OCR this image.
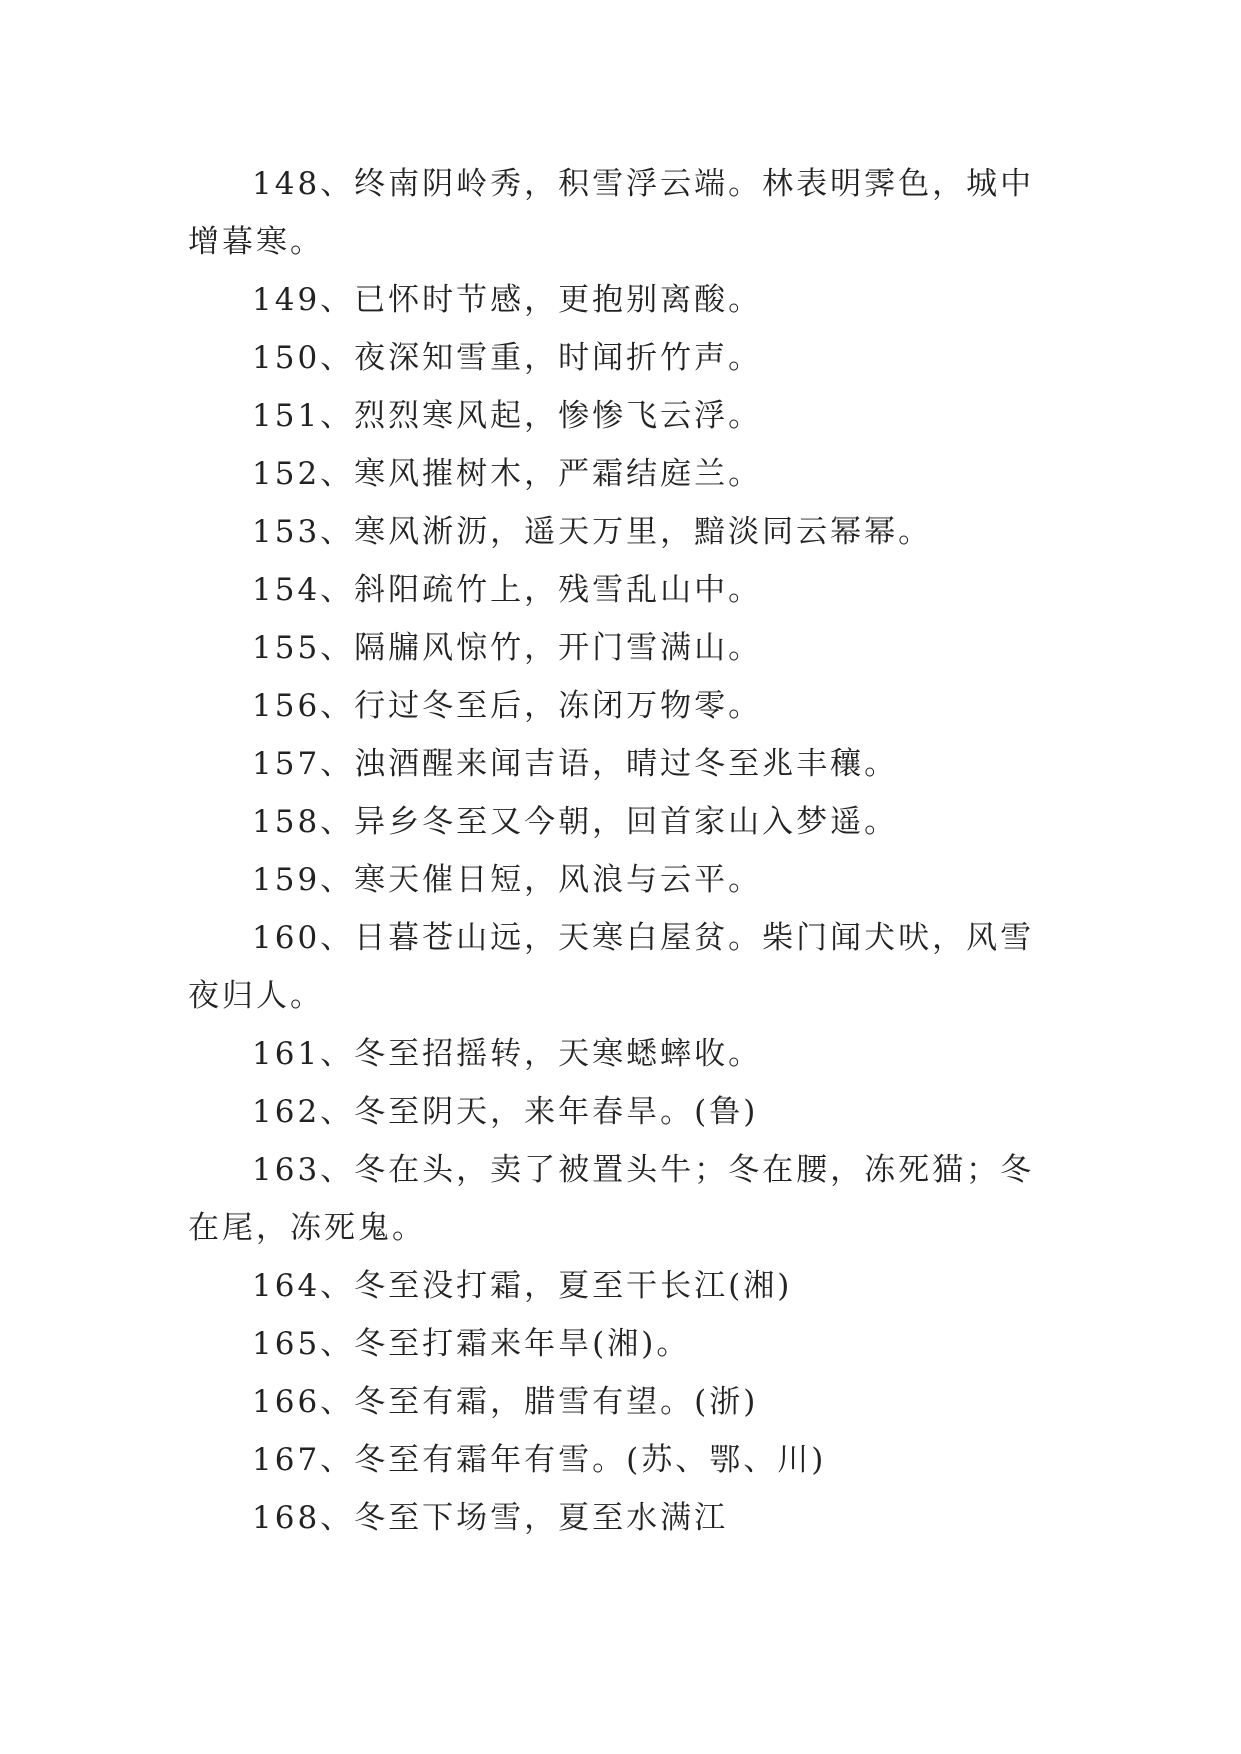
148、终南阴岭秀，积雪浮云端。林表明霁色，城中增暮寒。

149、已怀时节感，更抱别离酸。

150、夜深知雪重，时闻折竹声。

151、烈烈寒风起，惨惨飞云浮。

152、寒风摧树木，严霜结庭兰。

153、寒风淅沥，遥天万里，黯淡同云幂幂。

154、斜阳疏竹上，残雪乱山中。

155、隔牖风惊竹，开门雪满山。

156、行过冬至后，冻闭万物零。

157、浊酒醒来闻吉语，晴过冬至兆丰穰。

158、异乡冬至又今朝，回首家山入梦遥。

159、寒天催日短，风浪与云平。

160、日暮苍山远，天寒白屋贫。柴门闻犬吠，风雪夜归人。

161、冬至招摇转，天寒蟋蟀收。

162、冬至阴天，来年春旱。(鲁)

163、冬在头，卖了被置头牛；冬在腰，冻死猫；冬在尾，冻死鬼。

164、冬至没打霜，夏至干长江(湘)

165、冬至打霜来年旱(湘)。

166、冬至有霜，腊雪有望。(浙)

167、冬至有霜年有雪。(苏、鄂、川)

168、冬至下场雪，夏至水满江
